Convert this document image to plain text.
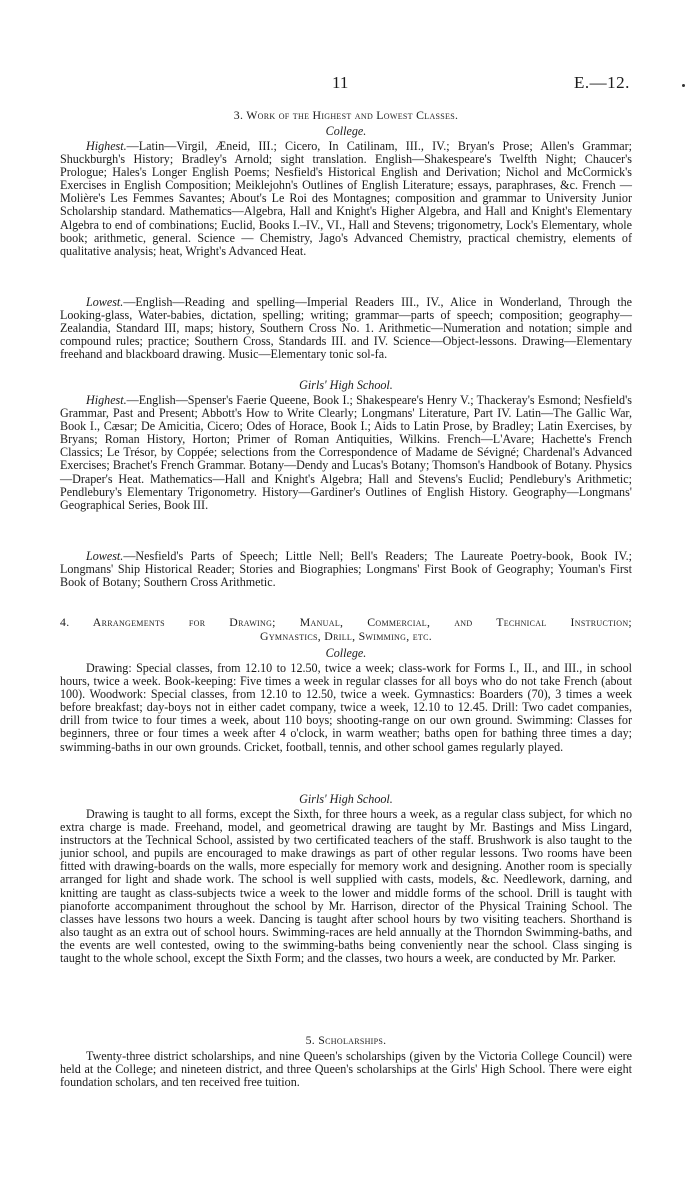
11	E.—12.
3. Work of the Highest and Lowest Classes.
College.

Highest.—Latin—Virgil, Æneid, III.; Cicero, In Catilinam, III., IV.; Bryan's Prose; Allen's Grammar; Shuckburgh's History; Bradley's Arnold; sight translation. English—Shakespeare's Twelfth Night; Chaucer's Prologue; Hales's Longer English Poems; Nesfield's Historical English and Derivation; Nichol and McCormick's Exercises in English Composition; Meiklejohn's Outlines of English Literature; essays, paraphrases, &c. French — Molière's Les Femmes Savantes; About's Le Roi des Montagnes; composition and grammar to University Junior Scholarship standard. Mathematics—Algebra, Hall and Knight's Higher Algebra, and Hall and Knight's Elementary Algebra to end of combinations; Euclid, Books I.–IV., VI., Hall and Stevens; trigonometry, Lock's Elementary, whole book; arithmetic, general. Science — Chemistry, Jago's Advanced Chemistry, practical chemistry, elements of qualitative analysis; heat, Wright's Advanced Heat.

Lowest.—English—Reading and spelling—Imperial Readers III., IV., Alice in Wonderland, Through the Looking-glass, Water-babies, dictation, spelling; writing; grammar—parts of speech; composition; geography—Zealandia, Standard III, maps; history, Southern Cross No. 1. Arithmetic—Numeration and notation; simple and compound rules; practice; Southern Cross, Standards III. and IV. Science—Object-lessons. Drawing—Elementary freehand and blackboard drawing. Music—Elementary tonic sol-fa.

Girls' High School.

Highest.—English—Spenser's Faerie Queene, Book I.; Shakespeare's Henry V.; Thackeray's Esmond; Nesfield's Grammar, Past and Present; Abbott's How to Write Clearly; Longmans' Literature, Part IV. Latin—The Gallic War, Book I., Cæsar; De Amicitia, Cicero; Odes of Horace, Book I.; Aids to Latin Prose, by Bradley; Latin Exercises, by Bryans; Roman History, Horton; Primer of Roman Antiquities, Wilkins. French—L'Avare; Hachette's French Classics; Le Trésor, by Coppée; selections from the Correspondence of Madame de Sévigné; Chardenal's Advanced Exercises; Brachet's French Grammar. Botany—Dendy and Lucas's Botany; Thomson's Handbook of Botany. Physics—Draper's Heat. Mathematics—Hall and Knight's Algebra; Hall and Stevens's Euclid; Pendlebury's Arithmetic; Pendlebury's Elementary Trigonometry. History—Gardiner's Outlines of English History. Geography—Longmans' Geographical Series, Book III.

Lowest.—Nesfield's Parts of Speech; Little Nell; Bell's Readers; The Laureate Poetry-book, Book IV.; Longmans' Ship Historical Reader; Stories and Biographies; Longmans' First Book of Geography; Youman's First Book of Botany; Southern Cross Arithmetic.

4. Arrangements for Drawing; Manual, Commercial, and Technical Instruction;
Gymnastics, Drill, Swimming, etc.
College.

Drawing: Special classes, from 12.10 to 12.50, twice a week; class-work for Forms I., II., and III., in school hours, twice a week. Book-keeping: Five times a week in regular classes for all boys who do not take French (about 100). Woodwork: Special classes, from 12.10 to 12.50, twice a week. Gymnastics: Boarders (70), 3 times a week before breakfast; day-boys not in either cadet company, twice a week, 12.10 to 12.45. Drill: Two cadet companies, drill from twice to four times a week, about 110 boys; shooting-range on our own ground. Swimming: Classes for beginners, three or four times a week after 4 o'clock, in warm weather; baths open for bathing three times a day; swimming-baths in our own grounds. Cricket, football, tennis, and other school games regularly played.

Girls' High School.

Drawing is taught to all forms, except the Sixth, for three hours a week, as a regular class subject, for which no extra charge is made. Freehand, model, and geometrical drawing are taught by Mr. Bastings and Miss Lingard, instructors at the Technical School, assisted by two certificated teachers of the staff. Brushwork is also taught to the junior school, and pupils are encouraged to make drawings as part of other regular lessons. Two rooms have been fitted with drawing-boards on the walls, more especially for memory work and designing. Another room is specially arranged for light and shade work. The school is well supplied with casts, models, &c. Needlework, darning, and knitting are taught as class-subjects twice a week to the lower and middle forms of the school. Drill is taught with pianoforte accompaniment throughout the school by Mr. Harrison, director of the Physical Training School. The classes have lessons two hours a week. Dancing is taught after school hours by two visiting teachers. Shorthand is also taught as an extra out of school hours. Swimming-races are held annually at the Thorndon Swimming-baths, and the events are well contested, owing to the swimming-baths being conveniently near the school. Class singing is taught to the whole school, except the Sixth Form; and the classes, two hours a week, are conducted by Mr. Parker.

5. Scholarships.

Twenty-three district scholarships, and nine Queen's scholarships (given by the Victoria College Council) were held at the College; and nineteen district, and three Queen's scholarships at the Girls' High School. There were eight foundation scholars, and ten received free tuition.
